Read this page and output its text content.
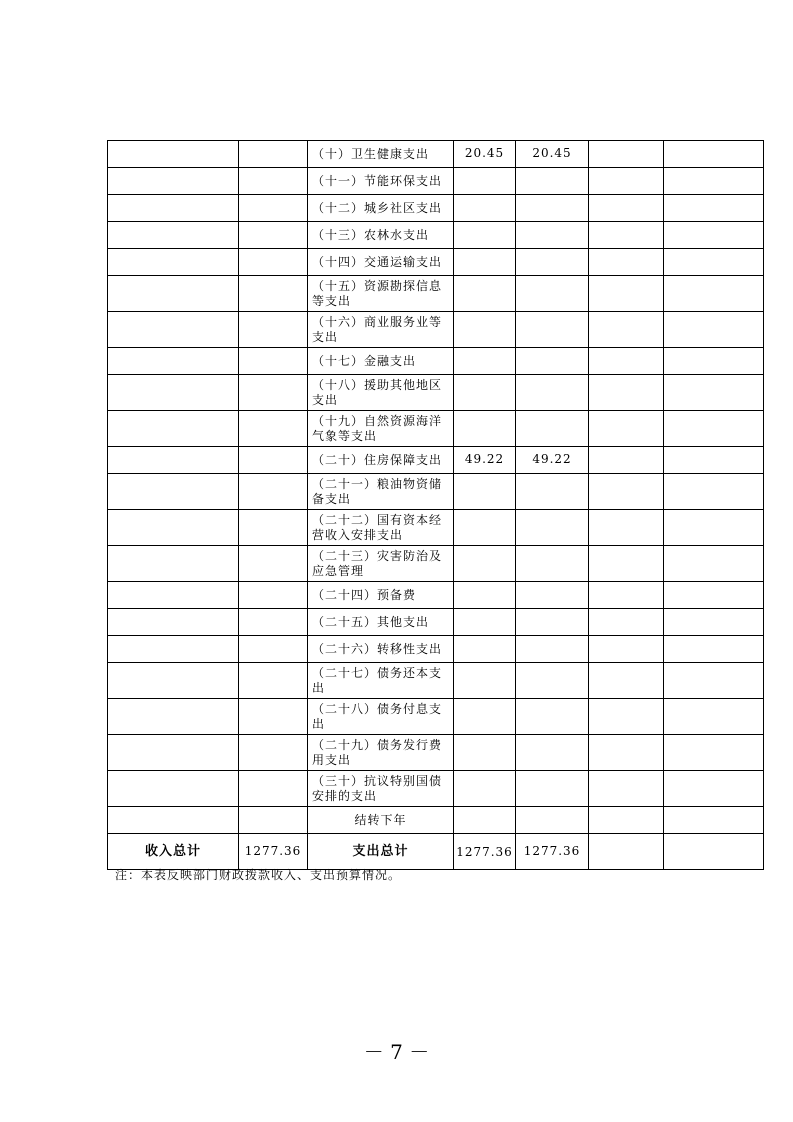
		（十）卫生健康支出	20.45	20.45		
		（十一）节能环保支出				
		（十二）城乡社区支出				
		（十三）农林水支出				
		（十四）交通运输支出				
		（十五）资源勘探信息等支出				
		（十六）商业服务业等支出				
		（十七）金融支出				
		（十八）援助其他地区支出				
		（十九）自然资源海洋气象等支出				
		（二十）住房保障支出	49.22	49.22		
		（二十一）粮油物资储备支出				
		（二十二）国有资本经营收入安排支出				
		（二十三）灾害防治及应急管理				
		（二十四）预备费				
		（二十五）其他支出				
		（二十六）转移性支出				
		（二十七）债务还本支出				
		（二十八）债务付息支出				
		（二十九）债务发行费用支出				
		（三十）抗议特别国债安排的支出				
		结转下年				
收入总计	1277.36	支出总计	1277.36	1277.36		
注：本表反映部门财政拨款收入、支出预算情况。
－ 7 －
